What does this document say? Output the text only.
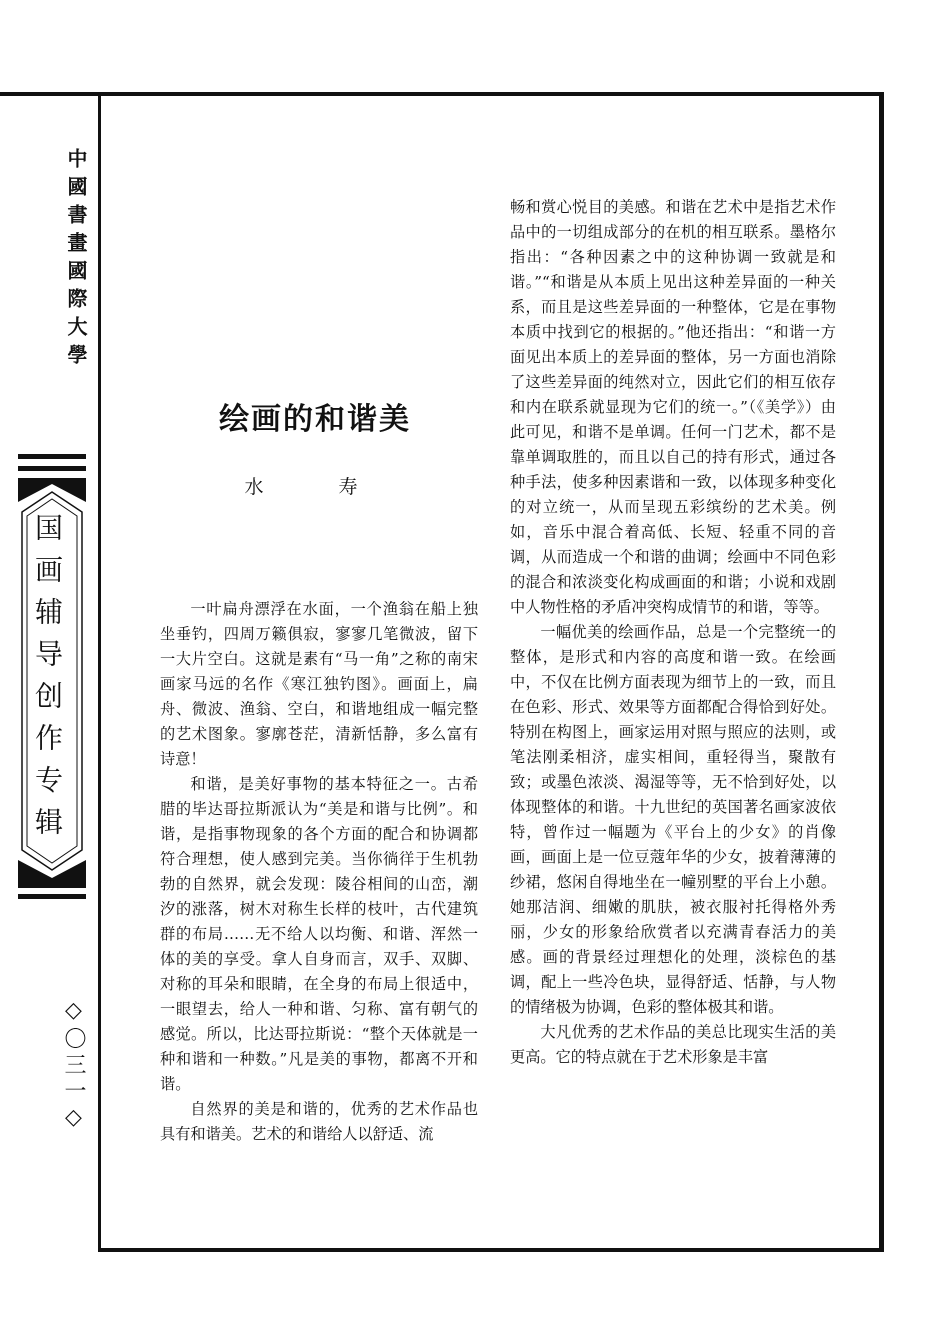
中國書畫國際大學
国画辅导创作专辑
◇〇三一◇
绘画的和谐美
水　寿

一叶扁舟漂浮在水面，一个渔翁在船上独坐垂钓，四周万籁俱寂，寥寥几笔微波，留下一大片空白。这就是素有“马一角”之称的南宋画家马远的名作《寒江独钓图》。画面上，扁舟、微波、渔翁、空白，和谐地组成一幅完整的艺术图象。寥廓苍茫，清新恬静，多么富有诗意！

和谐，是美好事物的基本特征之一。古希腊的毕达哥拉斯派认为“美是和谐与比例”。和谐，是指事物现象的各个方面的配合和协调都符合理想，使人感到完美。当你徜徉于生机勃勃的自然界，就会发现：陵谷相间的山峦，潮汐的涨落，树木对称生长样的枝叶，古代建筑群的布局……无不给人以均衡、和谐、浑然一体的美的享受。拿人自身而言，双手、双脚、对称的耳朵和眼睛，在全身的布局上很适中，一眼望去，给人一种和谐、匀称、富有朝气的感觉。所以，比达哥拉斯说：“整个天体就是一种和谐和一种数。”凡是美的事物，都离不开和谐。

自然界的美是和谐的，优秀的艺术作品也具有和谐美。艺术的和谐给人以舒适、流

畅和赏心悦目的美感。和谐在艺术中是指艺术作品中的一切组成部分的在机的相互联系。墨格尔指出：“各种因素之中的这种协调一致就是和谐。”“和谐是从本质上见出这种差异面的一种关系，而且是这些差异面的一种整体，它是在事物本质中找到它的根据的。”他还指出：“和谐一方面见出本质上的差异面的整体，另一方面也消除了这些差异面的纯然对立，因此它们的相互依存和内在联系就显现为它们的统一。”（《美学》）由此可见，和谐不是单调。任何一门艺术，都不是靠单调取胜的，而且以自己的持有形式，通过各种手法，使多种因素谐和一致，以体现多种变化的对立统一，从而呈现五彩缤纷的艺术美。例如，音乐中混合着高低、长短、轻重不同的音调，从而造成一个和谐的曲调；绘画中不同色彩的混合和浓淡变化构成画面的和谐；小说和戏剧中人物性格的矛盾冲突构成情节的和谐，等等。

一幅优美的绘画作品，总是一个完整统一的整体，是形式和内容的高度和谐一致。在绘画中，不仅在比例方面表现为细节上的一致，而且在色彩、形式、效果等方面都配合得恰到好处。特别在构图上，画家运用对照与照应的法则，或笔法刚柔相济，虚实相间，重轻得当，聚散有致；或墨色浓淡、渴湿等等，无不恰到好处，以体现整体的和谐。十九世纪的英国著名画家波依特，曾作过一幅题为《平台上的少女》的肖像画，画面上是一位豆蔻年华的少女，披着薄薄的纱裙，悠闲自得地坐在一幢别墅的平台上小憩。她那洁润、细嫩的肌肤，被衣服衬托得格外秀丽，少女的形象给欣赏者以充满青春活力的美感。画的背景经过理想化的处理，淡棕色的基调，配上一些冷色块，显得舒适、恬静，与人物的情绪极为协调，色彩的整体极其和谐。

大凡优秀的艺术作品的美总比现实生活的美更高。它的特点就在于艺术形象是丰富
